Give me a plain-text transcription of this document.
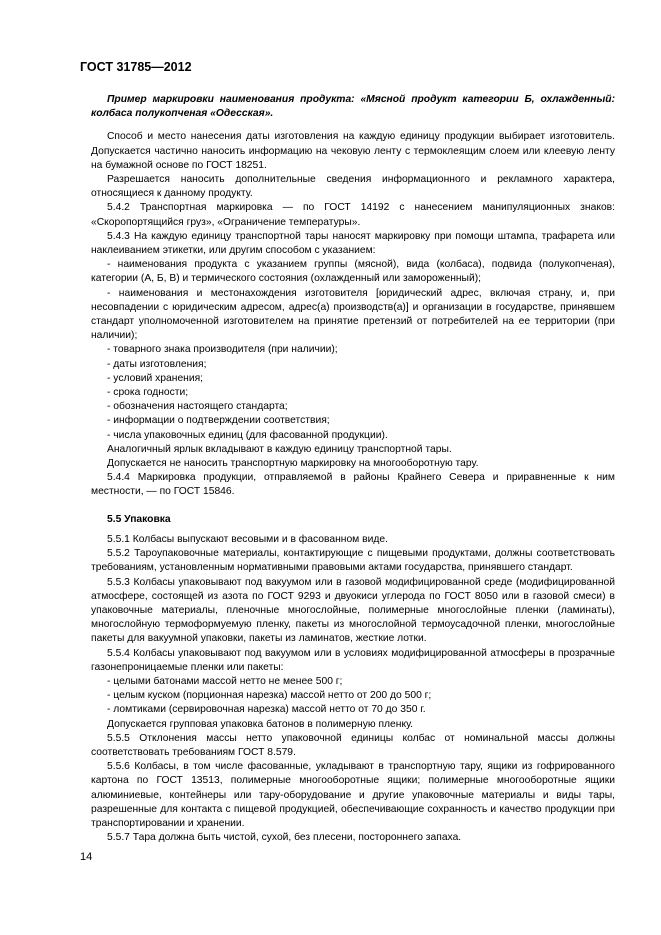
ГОСТ 31785—2012

Пример маркировки наименования продукта: «Мясной продукт категории Б, охлажденный: колбаса полукопченая «Одесская».

Способ и место нанесения даты изготовления на каждую единицу продукции выбирает изготовитель. Допускается частично наносить информацию на чековую ленту с термоклеящим слоем или клеевую ленту на бумажной основе по ГОСТ 18251.

Разрешается наносить дополнительные сведения информационного и рекламного характера, относящиеся к данному продукту.

5.4.2 Транспортная маркировка — по ГОСТ 14192 с нанесением манипуляционных знаков: «Скоропортящийся груз», «Ограничение температуры».

5.4.3 На каждую единицу транспортной тары наносят маркировку при помощи штампа, трафарета или наклеиванием этикетки, или другим способом с указанием:

- наименования продукта с указанием группы (мясной), вида (колбаса), подвида (полукопченая), категории (А, Б, В) и термического состояния (охлажденный или замороженный);

- наименования и местонахождения изготовителя [юридический адрес, включая страну, и, при несовпадении с юридическим адресом, адрес(а) производств(а)] и организации в государстве, принявшем стандарт уполномоченной изготовителем на принятие претензий от потребителей на ее территории (при наличии);

- товарного знака производителя (при наличии);

- даты изготовления;

- условий хранения;

- срока годности;

- обозначения настоящего стандарта;

- информации о подтверждении соответствия;

- числа упаковочных единиц (для фасованной продукции).

Аналогичный ярлык вкладывают в каждую единицу транспортной тары.

Допускается не наносить транспортную маркировку на многооборотную тару.

5.4.4 Маркировка продукции, отправляемой в районы Крайнего Севера и приравненные к ним местности, — по ГОСТ 15846.

5.5 Упаковка

5.5.1 Колбасы выпускают весовыми и в фасованном виде.

5.5.2 Тароупаковочные материалы, контактирующие с пищевыми продуктами, должны соответствовать требованиям, установленным нормативными правовыми актами государства, принявшего стандарт.

5.5.3 Колбасы упаковывают под вакуумом или в газовой модифицированной среде (модифицированной атмосфере, состоящей из азота по ГОСТ 9293 и двуокиси углерода по ГОСТ 8050 или в газовой смеси) в упаковочные материалы, пленочные многослойные, полимерные многослойные пленки (ламинаты), многослойную термоформуемую пленку, пакеты из многослойной термоусадочной пленки, многослойные пакеты для вакуумной упаковки, пакеты из ламинатов, жесткие лотки.

5.5.4 Колбасы упаковывают под вакуумом или в условиях модифицированной атмосферы в прозрачные газонепроницаемые пленки или пакеты:

- целыми батонами массой нетто не менее 500 г;

- целым куском (порционная нарезка) массой нетто от 200 до 500 г;

- ломтиками (сервировочная нарезка) массой нетто от 70 до 350 г.

Допускается групповая упаковка батонов в полимерную пленку.

5.5.5 Отклонения массы нетто упаковочной единицы колбас от номинальной массы должны соответствовать требованиям ГОСТ 8.579.

5.5.6 Колбасы, в том числе фасованные, укладывают в транспортную тару, ящики из гофрированного картона по ГОСТ 13513, полимерные многооборотные ящики; полимерные многооборотные ящики алюминиевые, контейнеры или тару-оборудование и другие упаковочные материалы и виды тары, разрешенные для контакта с пищевой продукцией, обеспечивающие сохранность и качество продукции при транспортировании и хранении.

5.5.7 Тара должна быть чистой, сухой, без плесени, постороннего запаха.

14
